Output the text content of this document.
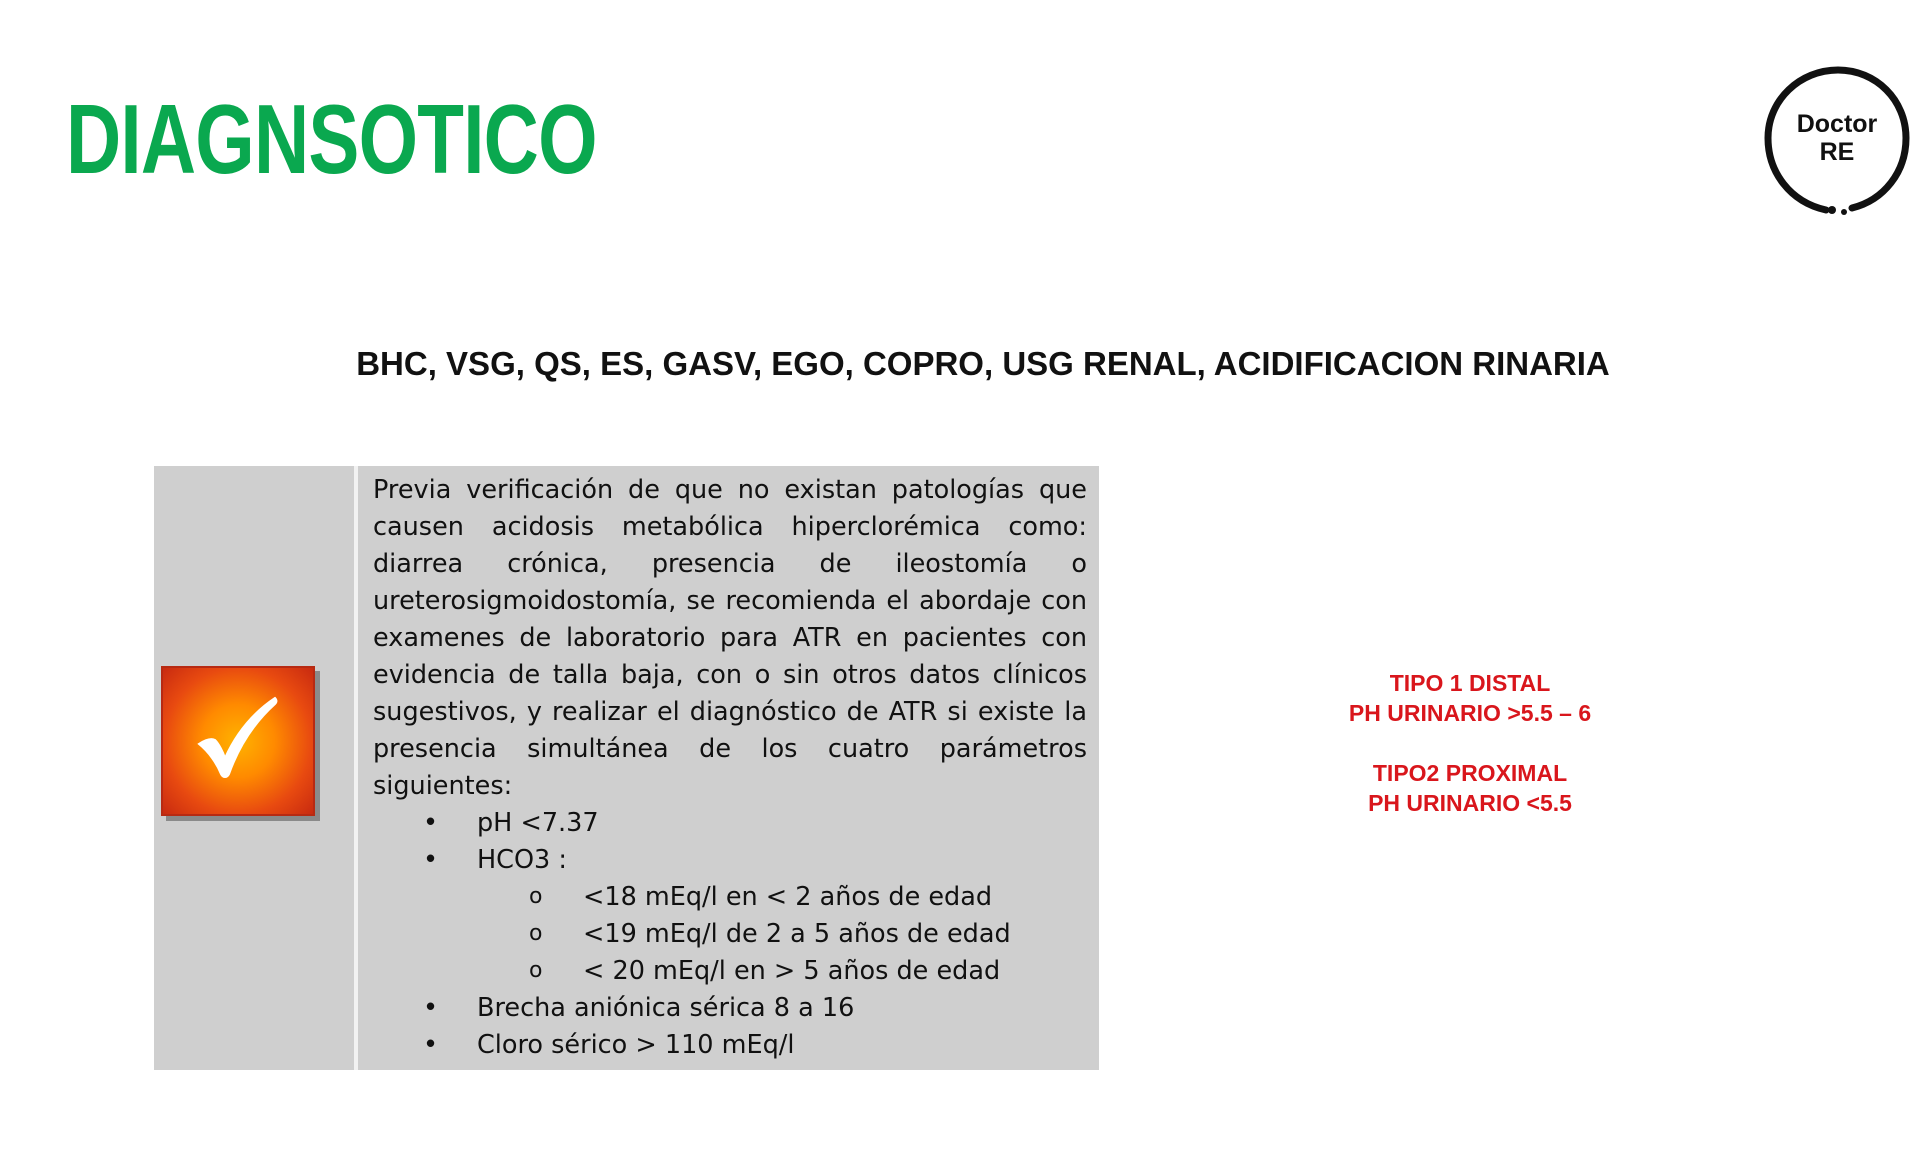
DIAGNSOTICO	Doctor
RE
BHC, VSG, QS, ES, GASV, EGO, COPRO, USG RENAL, ACIDIFICACION RINARIA

Previa verificación de que no existan patologías que causen acidosis metabólica hiperclorémica como: diarrea crónica, presencia de ileostomía o ureterosigmoidostomía, se recomienda el abordaje con examenes de laboratorio para ATR en pacientes con evidencia de talla baja, con o sin otros datos clínicos sugestivos, y realizar el diagnóstico de ATR si existe la presencia simultánea de los cuatro parámetros siguientes:

• pH <7.37
• HCO3 :
o <18 mEq/l en < 2 años de edad
o <19 mEq/l de 2 a 5 años de edad
o < 20 mEq/l en > 5 años de edad
• Brecha aniónica sérica 8 a 16
• Cloro sérico > 110 mEq/l
TIPO 1 DISTAL
PH URINARIO >5.5 – 6
TIPO2 PROXIMAL
PH URINARIO <5.5
